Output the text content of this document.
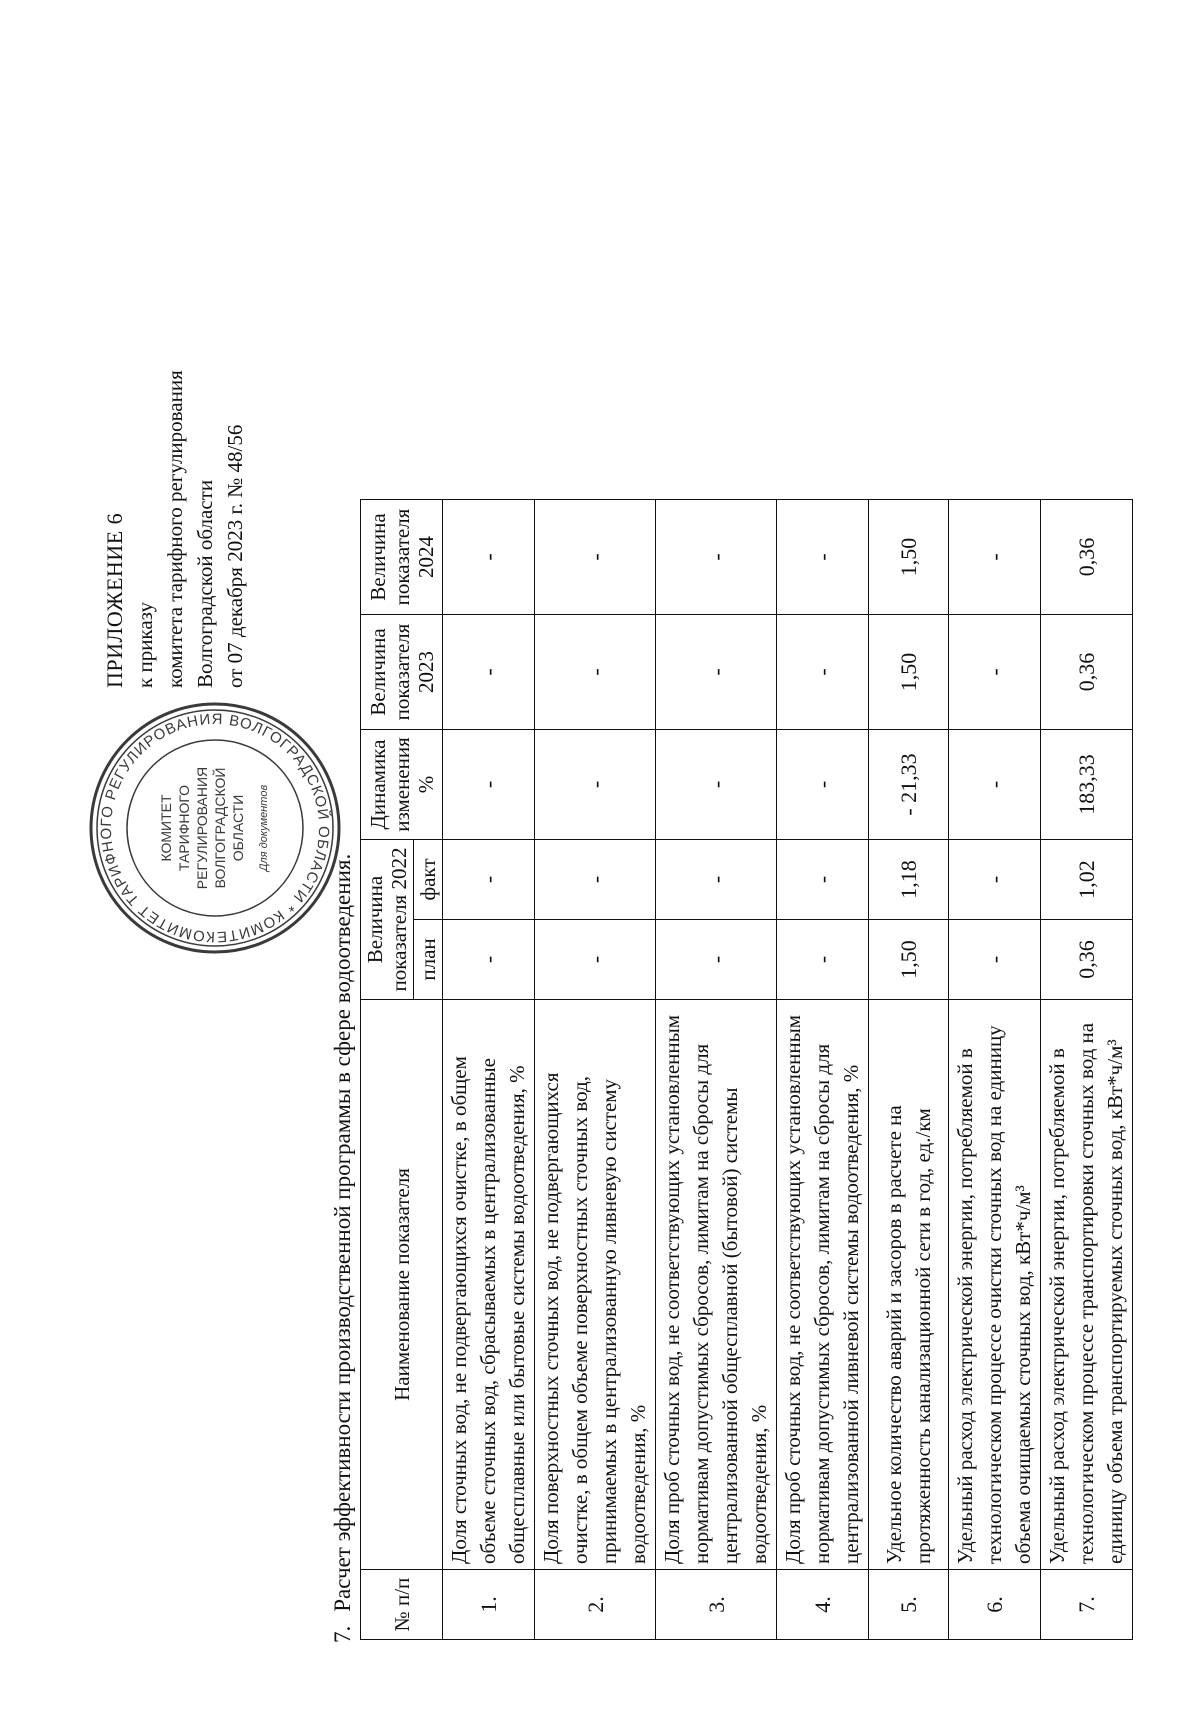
ПРИЛОЖЕНИЕ 6 к приказу комитета тарифного регулирования Волгоградской области от 07 декабря 2023 г. № 48/56
КОМИТЕТ ТАРИФНОГО РЕГУЛИРОВАНИЯ ВОЛГОГРАДСКОЙ ОБЛАСТИ * КОМИТЕ
КОМИТЕТ ТАРИФНОГО РЕГУЛИРОВАНИЯ ВОЛГОГРАДСКОЙ ОБЛАСТИ Для документов
7.Расчет эффективности производственной программы в сфере водоотведения. № п/п	Наименование показателя	Величина показателя 2022		Динамика изменения %	Величина показателя 2023	Величина показателя 2024
		план	факт			
1.	Доля сточных вод, не подвергающихся очистке, в общем объеме сточных вод, сбрасываемых в централизованные общесплавные или бытовые системы водоотведения, %	-	-	-	-	-
2.	Доля поверхностных сточных вод, не подвергающихся очистке, в общем объеме поверхностных сточных вод, принимаемых в централизованную ливневую систему водоотведения, %	-	-	-	-	-
3.	Доля проб сточных вод, не соответствующих установленным нормативам допустимых сбросов, лимитам на сбросы для централизованной общесплавной (бытовой) системы водоотведения, %	-	-	-	-	-
4.	Доля проб сточных вод, не соответствующих установленным нормативам допустимых сбросов, лимитам на сбросы для централизованной ливневой системы водоотведения, %	-	-	-	-	-
5.	Удельное количество аварий и засоров в расчете на протяженность канализационной сети в год, ед./км	1,50	1,18	- 21,33	1,50	1,50
6.	Удельный расход электрической энергии, потребляемой в технологическом процессе очистки сточных вод на единицу объема очищаемых сточных вод, кВт*ч/м³	-	-	-	-	-
7.	Удельный расход электрической энергии, потребляемой в технологическом процессе транспортировки сточных вод на единицу объема транспортируемых сточных вод, кВт*ч/м³	0,36	1,02	183,33	0,36	0,36
